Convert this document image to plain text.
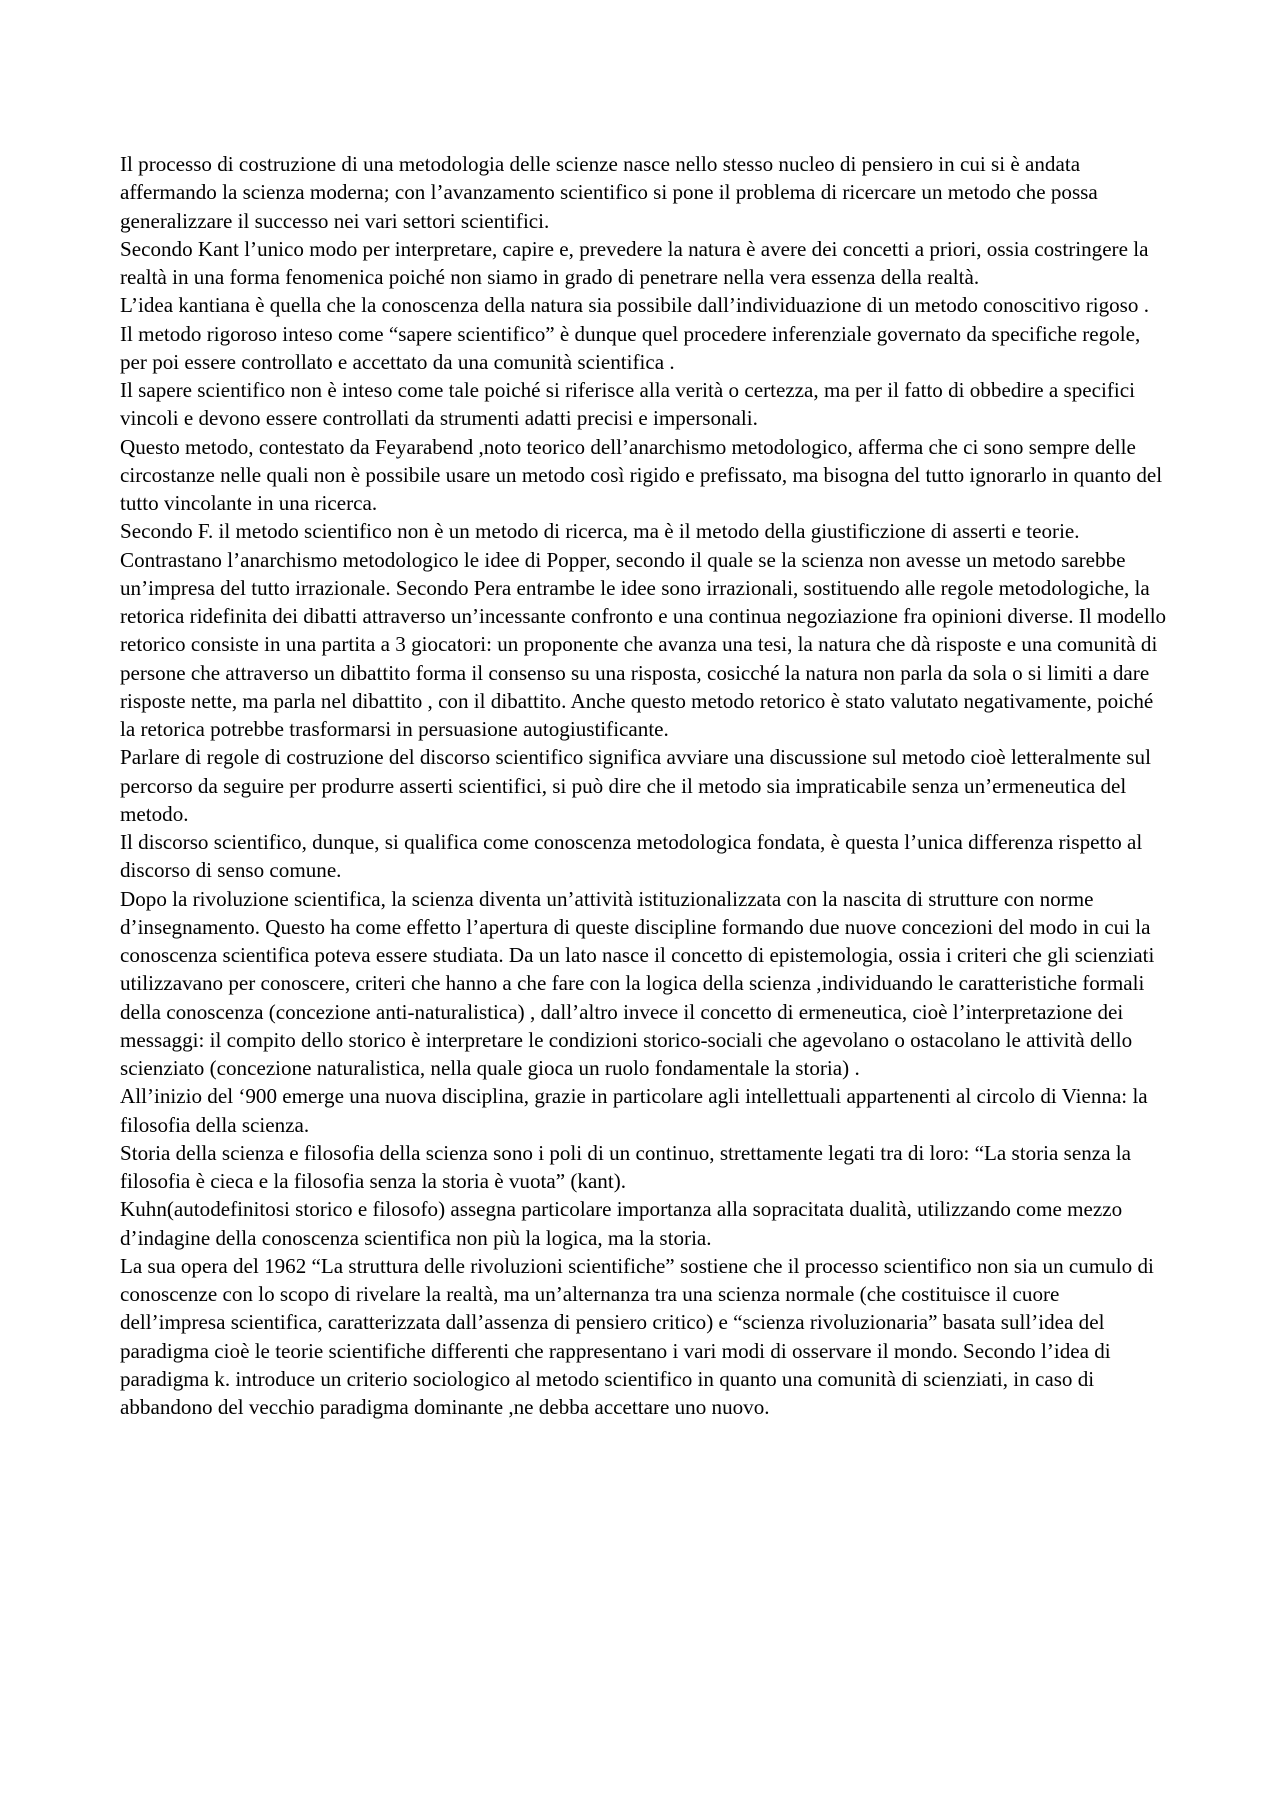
Il processo di costruzione di una metodologia delle scienze nasce nello stesso nucleo di pensiero in cui si è andata affermando la scienza moderna; con l’avanzamento scientifico si pone il problema di ricercare un metodo che possa generalizzare il successo nei vari settori scientifici.

Secondo Kant l’unico modo per interpretare, capire e, prevedere la natura è avere dei concetti a priori, ossia costringere la realtà in una forma fenomenica poiché non siamo in grado di penetrare nella vera essenza della realtà.

L’idea kantiana è quella che la conoscenza della natura sia possibile dall’individuazione di un metodo conoscitivo rigoso .

Il metodo rigoroso inteso come “sapere scientifico” è dunque quel procedere inferenziale governato da specifiche regole, per poi essere controllato e accettato da una comunità scientifica .

Il sapere scientifico non è inteso come tale poiché si riferisce alla verità o certezza, ma per il fatto di obbedire a specifici vincoli e devono essere controllati da strumenti adatti precisi e impersonali.

Questo metodo, contestato da Feyarabend ,noto teorico dell’anarchismo metodologico, afferma che ci sono sempre delle circostanze nelle quali non è possibile usare un metodo così rigido e prefissato, ma bisogna del tutto ignorarlo in quanto del tutto vincolante in una ricerca.

Secondo F. il metodo scientifico non è un metodo di ricerca, ma è il metodo della giustificzione di asserti e teorie.

Contrastano l’anarchismo metodologico le idee di Popper, secondo il quale se la scienza non avesse un metodo sarebbe un’impresa del tutto irrazionale. Secondo Pera entrambe le idee sono irrazionali, sostituendo alle regole metodologiche, la retorica ridefinita dei dibatti attraverso un’incessante confronto e una continua negoziazione fra opinioni diverse. Il modello retorico consiste in una partita a 3 giocatori: un proponente che avanza una tesi, la natura che dà risposte e una comunità di persone che attraverso un dibattito forma il consenso su una risposta, cosicché la natura non parla da sola o si limiti a dare risposte nette, ma parla nel dibattito , con il dibattito. Anche questo metodo retorico è stato valutato negativamente, poiché la retorica potrebbe trasformarsi in persuasione autogiustificante.

Parlare di regole di costruzione del discorso scientifico significa avviare una discussione sul metodo cioè letteralmente sul percorso da seguire per produrre asserti scientifici, si può dire che il metodo sia impraticabile senza un’ermeneutica del metodo.

Il discorso scientifico, dunque, si qualifica come conoscenza metodologica fondata, è questa l’unica differenza rispetto al discorso di senso comune.

Dopo la rivoluzione scientifica, la scienza diventa un’attività istituzionalizzata con la nascita di strutture con norme d’insegnamento. Questo ha come effetto l’apertura di queste discipline formando due nuove concezioni del modo in cui la conoscenza scientifica poteva essere studiata. Da un lato nasce il concetto di epistemologia, ossia i criteri che gli scienziati utilizzavano per conoscere, criteri che hanno a che fare con la logica della scienza ,individuando le caratteristiche formali della conoscenza (concezione anti-naturalistica) , dall’altro invece il concetto di ermeneutica, cioè l’interpretazione dei messaggi: il compito dello storico è interpretare le condizioni storico-sociali che agevolano o ostacolano le attività dello scienziato (concezione naturalistica, nella quale gioca un ruolo fondamentale la storia) .

All’inizio del ‘900 emerge una nuova disciplina, grazie in particolare agli intellettuali appartenenti al circolo di Vienna: la filosofia della scienza.

Storia della scienza e filosofia della scienza sono i poli di un continuo, strettamente legati tra di loro: “La storia senza la filosofia è cieca e la filosofia senza la storia è vuota” (kant).

Kuhn(autodefinitosi storico e filosofo) assegna particolare importanza alla sopracitata dualità, utilizzando come mezzo d’indagine della conoscenza scientifica non più la logica, ma la storia.

La sua opera del 1962 “La struttura delle rivoluzioni scientifiche” sostiene che il processo scientifico non sia un cumulo di conoscenze con lo scopo di rivelare la realtà, ma un’alternanza tra una scienza normale (che costituisce il cuore dell’impresa scientifica, caratterizzata dall’assenza di pensiero critico) e “scienza rivoluzionaria” basata sull’idea del paradigma cioè le teorie scientifiche differenti che rappresentano i vari modi di osservare il mondo. Secondo l’idea di paradigma k. introduce un criterio sociologico al metodo scientifico in quanto una comunità di scienziati, in caso di abbandono del vecchio paradigma dominante ,ne debba accettare uno nuovo.
